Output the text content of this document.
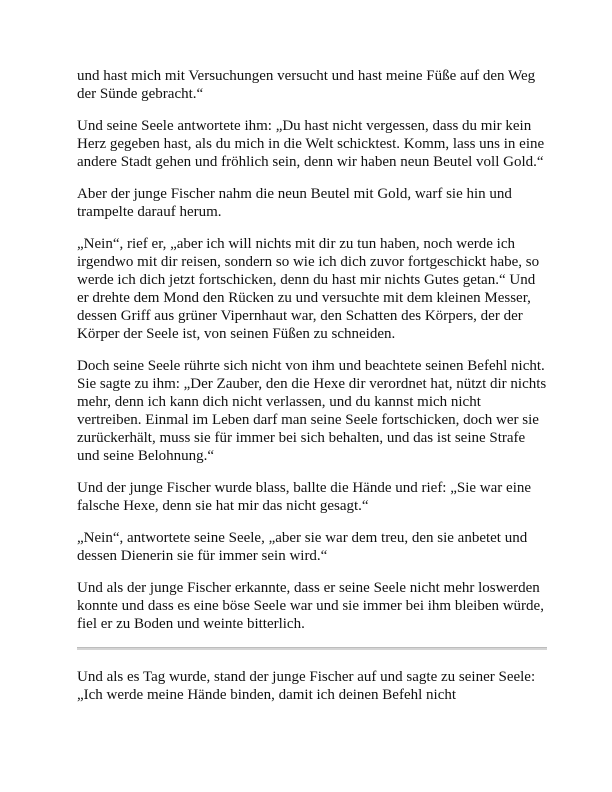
und hast mich mit Versuchungen versucht und hast meine Füße auf den Weg der Sünde gebracht.“

Und seine Seele antwortete ihm: „Du hast nicht vergessen, dass du mir kein Herz gegeben hast, als du mich in die Welt schicktest. Komm, lass uns in eine andere Stadt gehen und fröhlich sein, denn wir haben neun Beutel voll Gold.“

Aber der junge Fischer nahm die neun Beutel mit Gold, warf sie hin und trampelte darauf herum.

„Nein“, rief er, „aber ich will nichts mit dir zu tun haben, noch werde ich irgendwo mit dir reisen, sondern so wie ich dich zuvor fortgeschickt habe, so werde ich dich jetzt fortschicken, denn du hast mir nichts Gutes getan.“ Und er drehte dem Mond den Rücken zu und versuchte mit dem kleinen Messer, dessen Griff aus grüner Vipernhaut war, den Schatten des Körpers, der der Körper der Seele ist, von seinen Füßen zu schneiden.

Doch seine Seele rührte sich nicht von ihm und beachtete seinen Befehl nicht. Sie sagte zu ihm: „Der Zauber, den die Hexe dir verordnet hat, nützt dir nichts mehr, denn ich kann dich nicht verlassen, und du kannst mich nicht vertreiben. Einmal im Leben darf man seine Seele fortschicken, doch wer sie zurückerhält, muss sie für immer bei sich behalten, und das ist seine Strafe und seine Belohnung.“

Und der junge Fischer wurde blass, ballte die Hände und rief: „Sie war eine falsche Hexe, denn sie hat mir das nicht gesagt.“

„Nein“, antwortete seine Seele, „aber sie war dem treu, den sie anbetet und dessen Dienerin sie für immer sein wird.“

Und als der junge Fischer erkannte, dass er seine Seele nicht mehr loswerden konnte und dass es eine böse Seele war und sie immer bei ihm bleiben würde, fiel er zu Boden und weinte bitterlich.

Und als es Tag wurde, stand der junge Fischer auf und sagte zu seiner Seele: „Ich werde meine Hände binden, damit ich deinen Befehl nicht
